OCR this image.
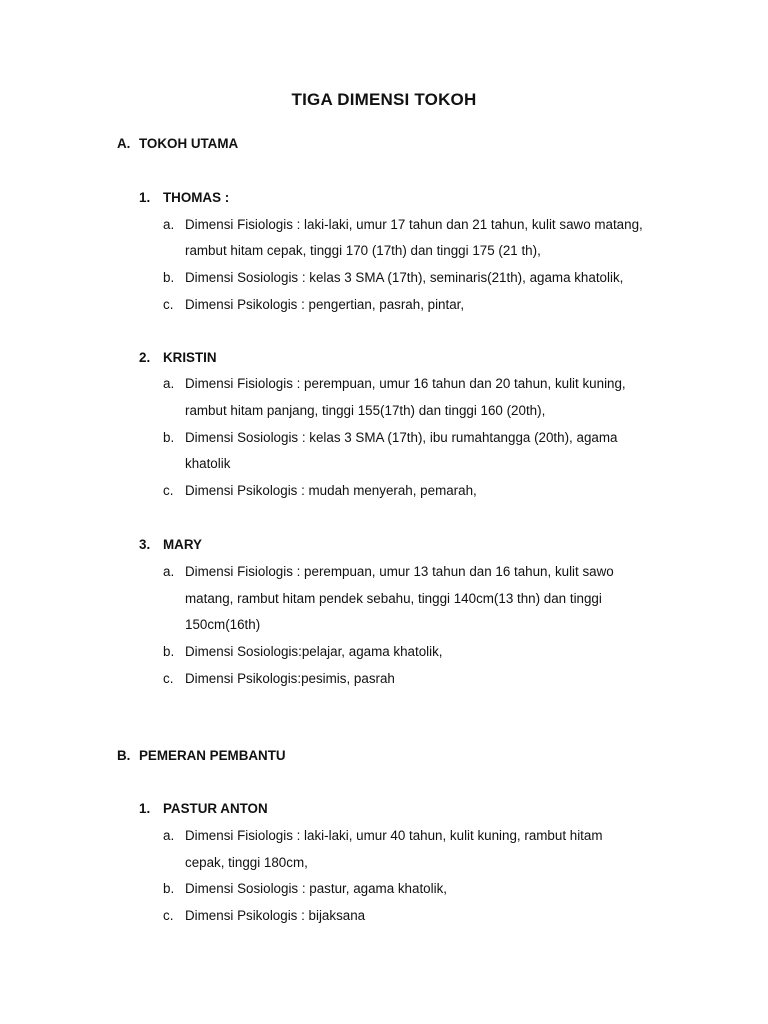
TIGA DIMENSI TOKOH
A. TOKOH UTAMA
1. THOMAS :
a. Dimensi Fisiologis : laki-laki, umur 17 tahun dan 21 tahun, kulit sawo matang,
rambut hitam cepak, tinggi 170 (17th) dan tinggi 175 (21 th),
b. Dimensi Sosiologis : kelas 3 SMA (17th), seminaris(21th), agama khatolik,
c. Dimensi Psikologis : pengertian, pasrah, pintar,
2. KRISTIN
a. Dimensi Fisiologis : perempuan, umur 16 tahun dan 20 tahun, kulit kuning,
rambut hitam panjang, tinggi 155(17th) dan tinggi 160 (20th),
b. Dimensi Sosiologis : kelas 3 SMA (17th), ibu rumahtangga (20th), agama
khatolik
c. Dimensi Psikologis : mudah menyerah, pemarah,
3. MARY
a. Dimensi Fisiologis : perempuan, umur 13 tahun dan 16 tahun, kulit sawo
matang, rambut hitam pendek sebahu, tinggi 140cm(13 thn) dan tinggi
150cm(16th)
b. Dimensi Sosiologis:pelajar, agama khatolik,
c. Dimensi Psikologis:pesimis, pasrah
B. PEMERAN PEMBANTU
1. PASTUR ANTON
a. Dimensi Fisiologis : laki-laki, umur 40 tahun, kulit kuning, rambut hitam
cepak, tinggi 180cm,
b. Dimensi Sosiologis : pastur, agama khatolik,
c. Dimensi Psikologis : bijaksana
